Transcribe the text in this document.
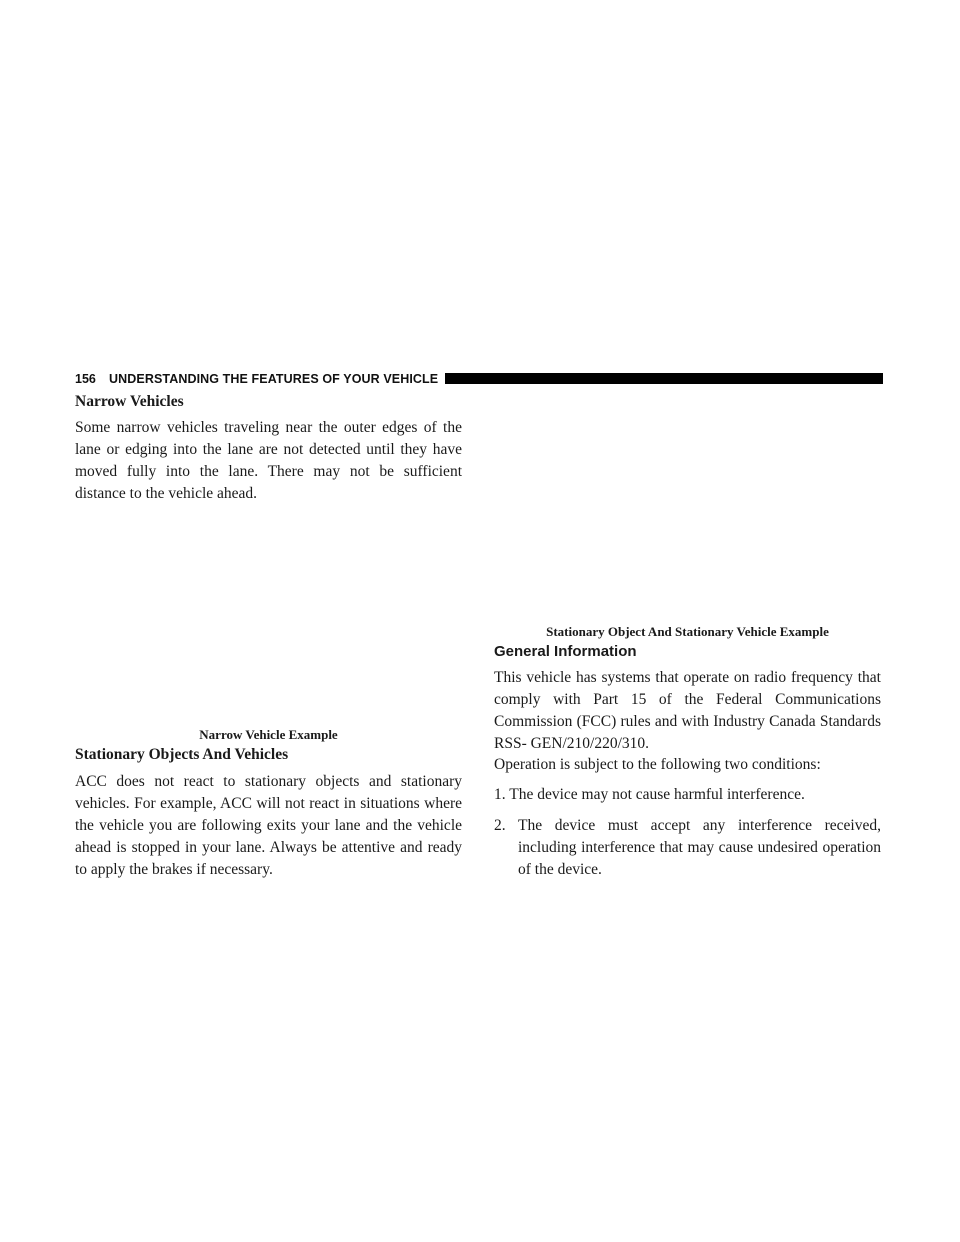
156 UNDERSTANDING THE FEATURES OF YOUR VEHICLE
Narrow Vehicles

Some narrow vehicles traveling near the outer edges of the lane or edging into the lane are not detected until they have moved fully into the lane. There may not be sufficient distance to the vehicle ahead.

Narrow Vehicle Example

Stationary Objects And Vehicles

ACC does not react to stationary objects and stationary vehicles. For example, ACC will not react in situations where the vehicle you are following exits your lane and the vehicle ahead is stopped in your lane. Always be attentive and ready to apply the brakes if necessary.

Stationary Object And Stationary Vehicle Example

General Information

This vehicle has systems that operate on radio frequency that comply with Part 15 of the Federal Communications Commission (FCC) rules and with Industry Canada Standards RSS- GEN/210/220/310.

Operation is subject to the following two conditions:

1. The device may not cause harmful interference.

2. The device must accept any interference received, including interference that may cause undesired operation of the device.
